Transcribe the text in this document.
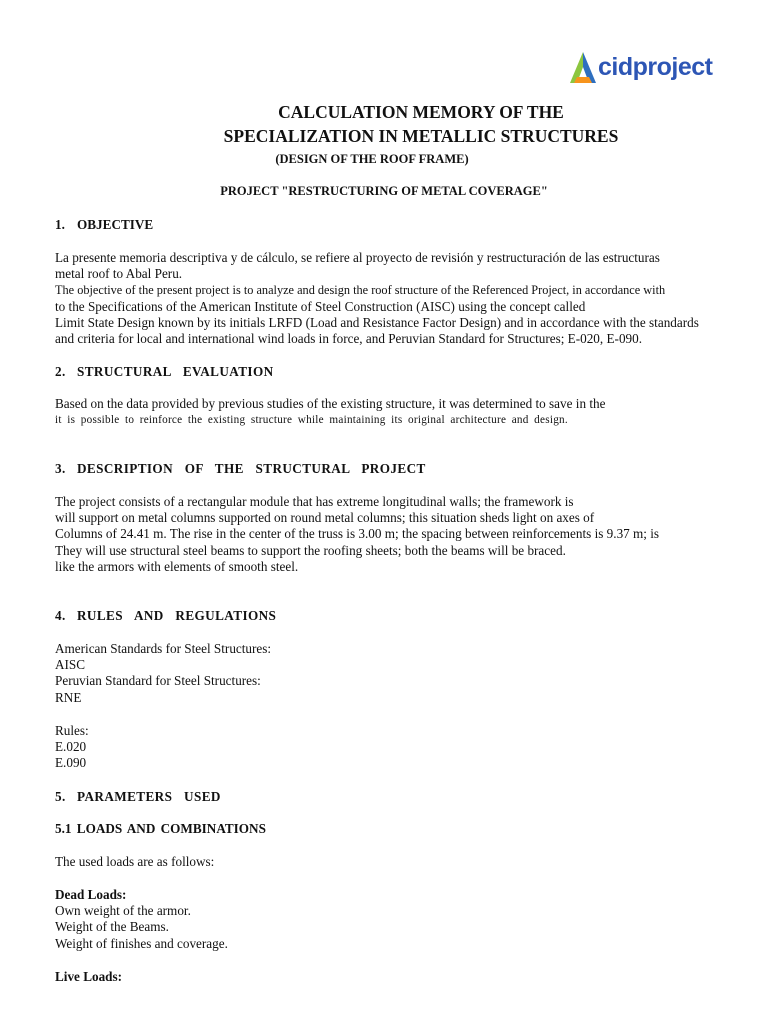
cidproject
CALCULATION MEMORY OF THE
SPECIALIZATION IN METALLIC STRUCTURES
(DESIGN OF THE ROOF FRAME)
PROJECT "RESTRUCTURING OF METAL COVERAGE"
1. OBJECTIVE
La presente memoria descriptiva y de cálculo, se refiere al proyecto de revisión y restructuración de las estructuras
metal roof to Abal Peru.
The objective of the present project is to analyze and design the roof structure of the Referenced Project, in accordance with
to the Specifications of the American Institute of Steel Construction (AISC) using the concept called
Limit State Design known by its initials LRFD (Load and Resistance Factor Design) and in accordance with the standards
and criteria for local and international wind loads in force, and Peruvian Standard for Structures; E-020, E-090.
2. STRUCTURAL EVALUATION
Based on the data provided by previous studies of the existing structure, it was determined to save in the
it is possible to reinforce the existing structure while maintaining its original architecture and design.
3. DESCRIPTION OF THE STRUCTURAL PROJECT
The project consists of a rectangular module that has extreme longitudinal walls; the framework is
will support on metal columns supported on round metal columns; this situation sheds light on axes of
Columns of 24.41 m. The rise in the center of the truss is 3.00 m; the spacing between reinforcements is 9.37 m; is
They will use structural steel beams to support the roofing sheets; both the beams will be braced.
like the armors with elements of smooth steel.
4. RULES AND REGULATIONS
American Standards for Steel Structures:
AISC
Peruvian Standard for Steel Structures:
RNE
Rules:
E.020
E.090
5. PARAMETERS USED
5.1 LOADS AND COMBINATIONS
The used loads are as follows:
Dead Loads:
Own weight of the armor.
Weight of the Beams.
Weight of finishes and coverage.
Live Loads:
